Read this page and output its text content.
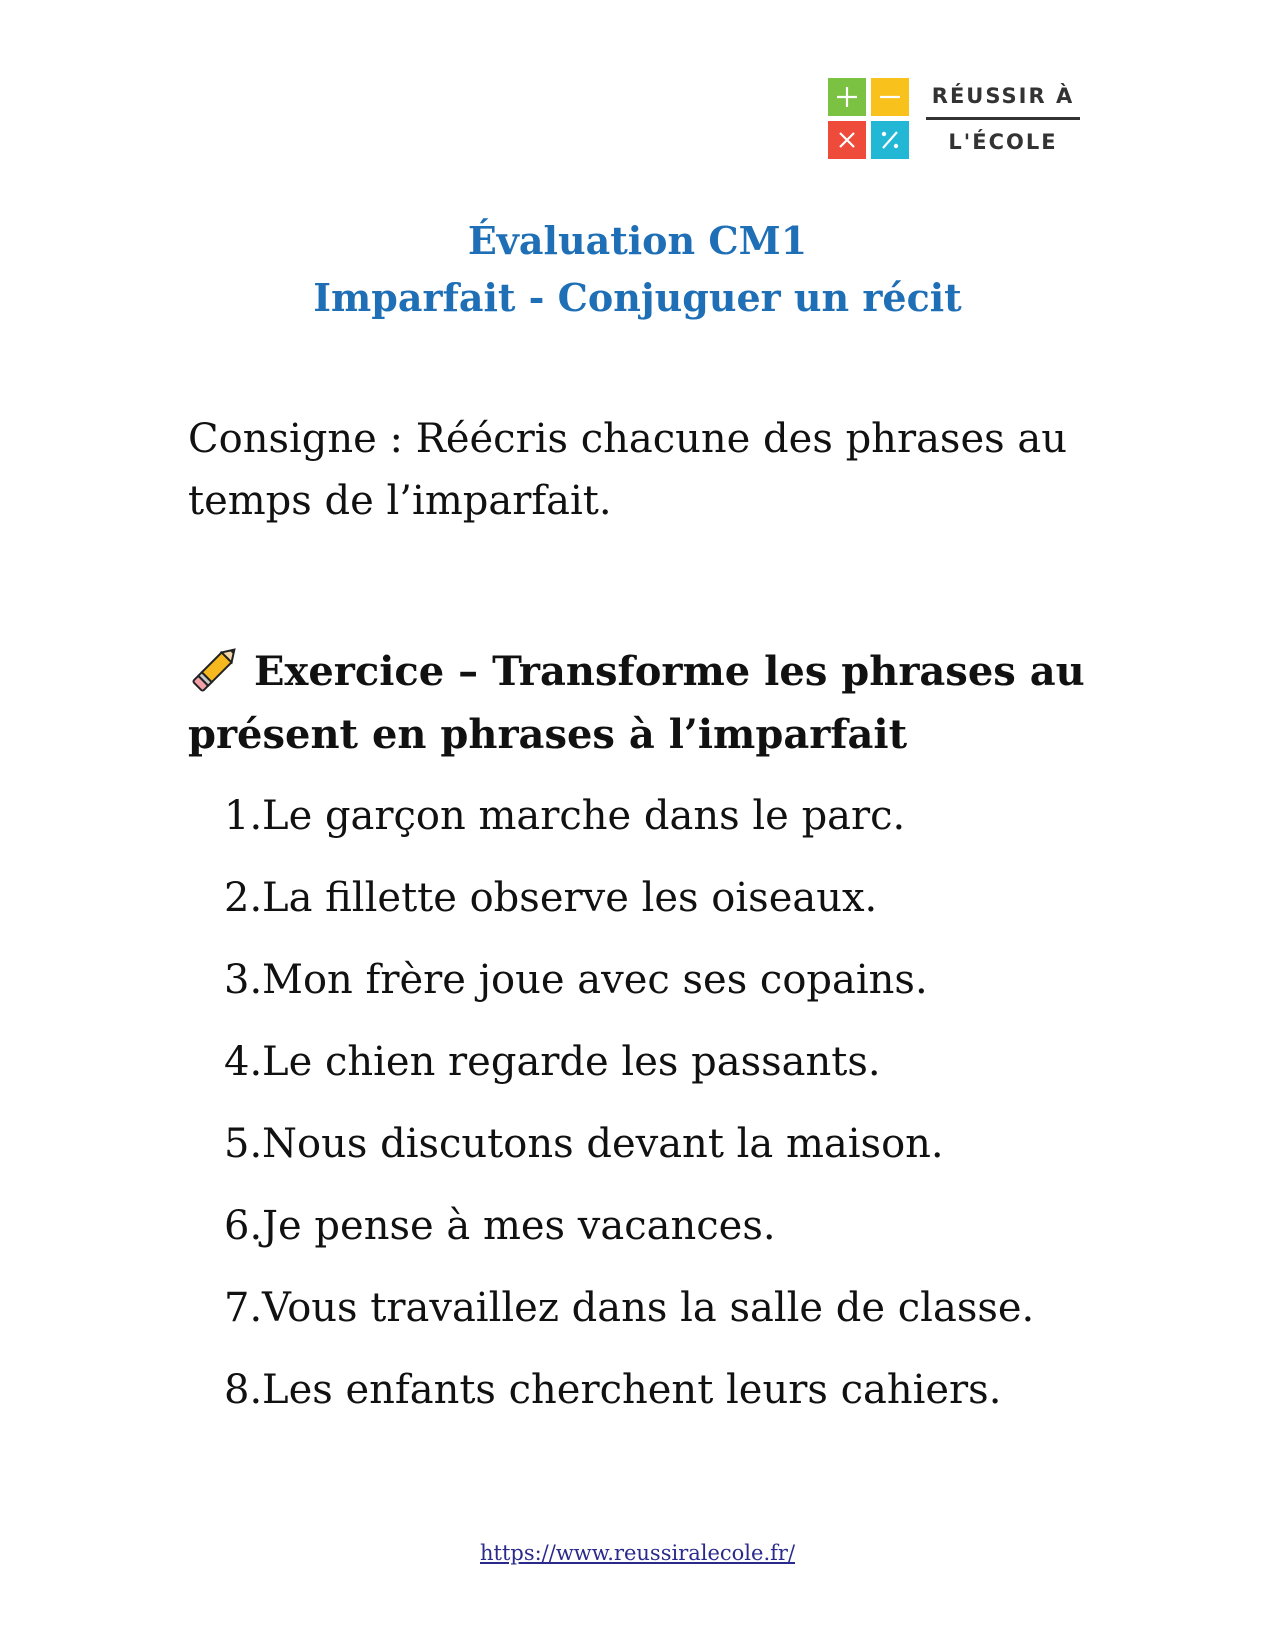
RÉUSSIR À
L'ÉCOLE
Évaluation CM1
Imparfait - Conjuguer un récit
Consigne : Réécris chacune des phrases au temps de l’imparfait.
Exercice – Transforme les phrases au présent en phrases à l’imparfait
1. Le garçon marche dans le parc.
2. La fillette observe les oiseaux.
3. Mon frère joue avec ses copains.
4. Le chien regarde les passants.
5. Nous discutons devant la maison.
6. Je pense à mes vacances.
7. Vous travaillez dans la salle de classe.
8. Les enfants cherchent leurs cahiers.
https://www.reussiralecole.fr/
